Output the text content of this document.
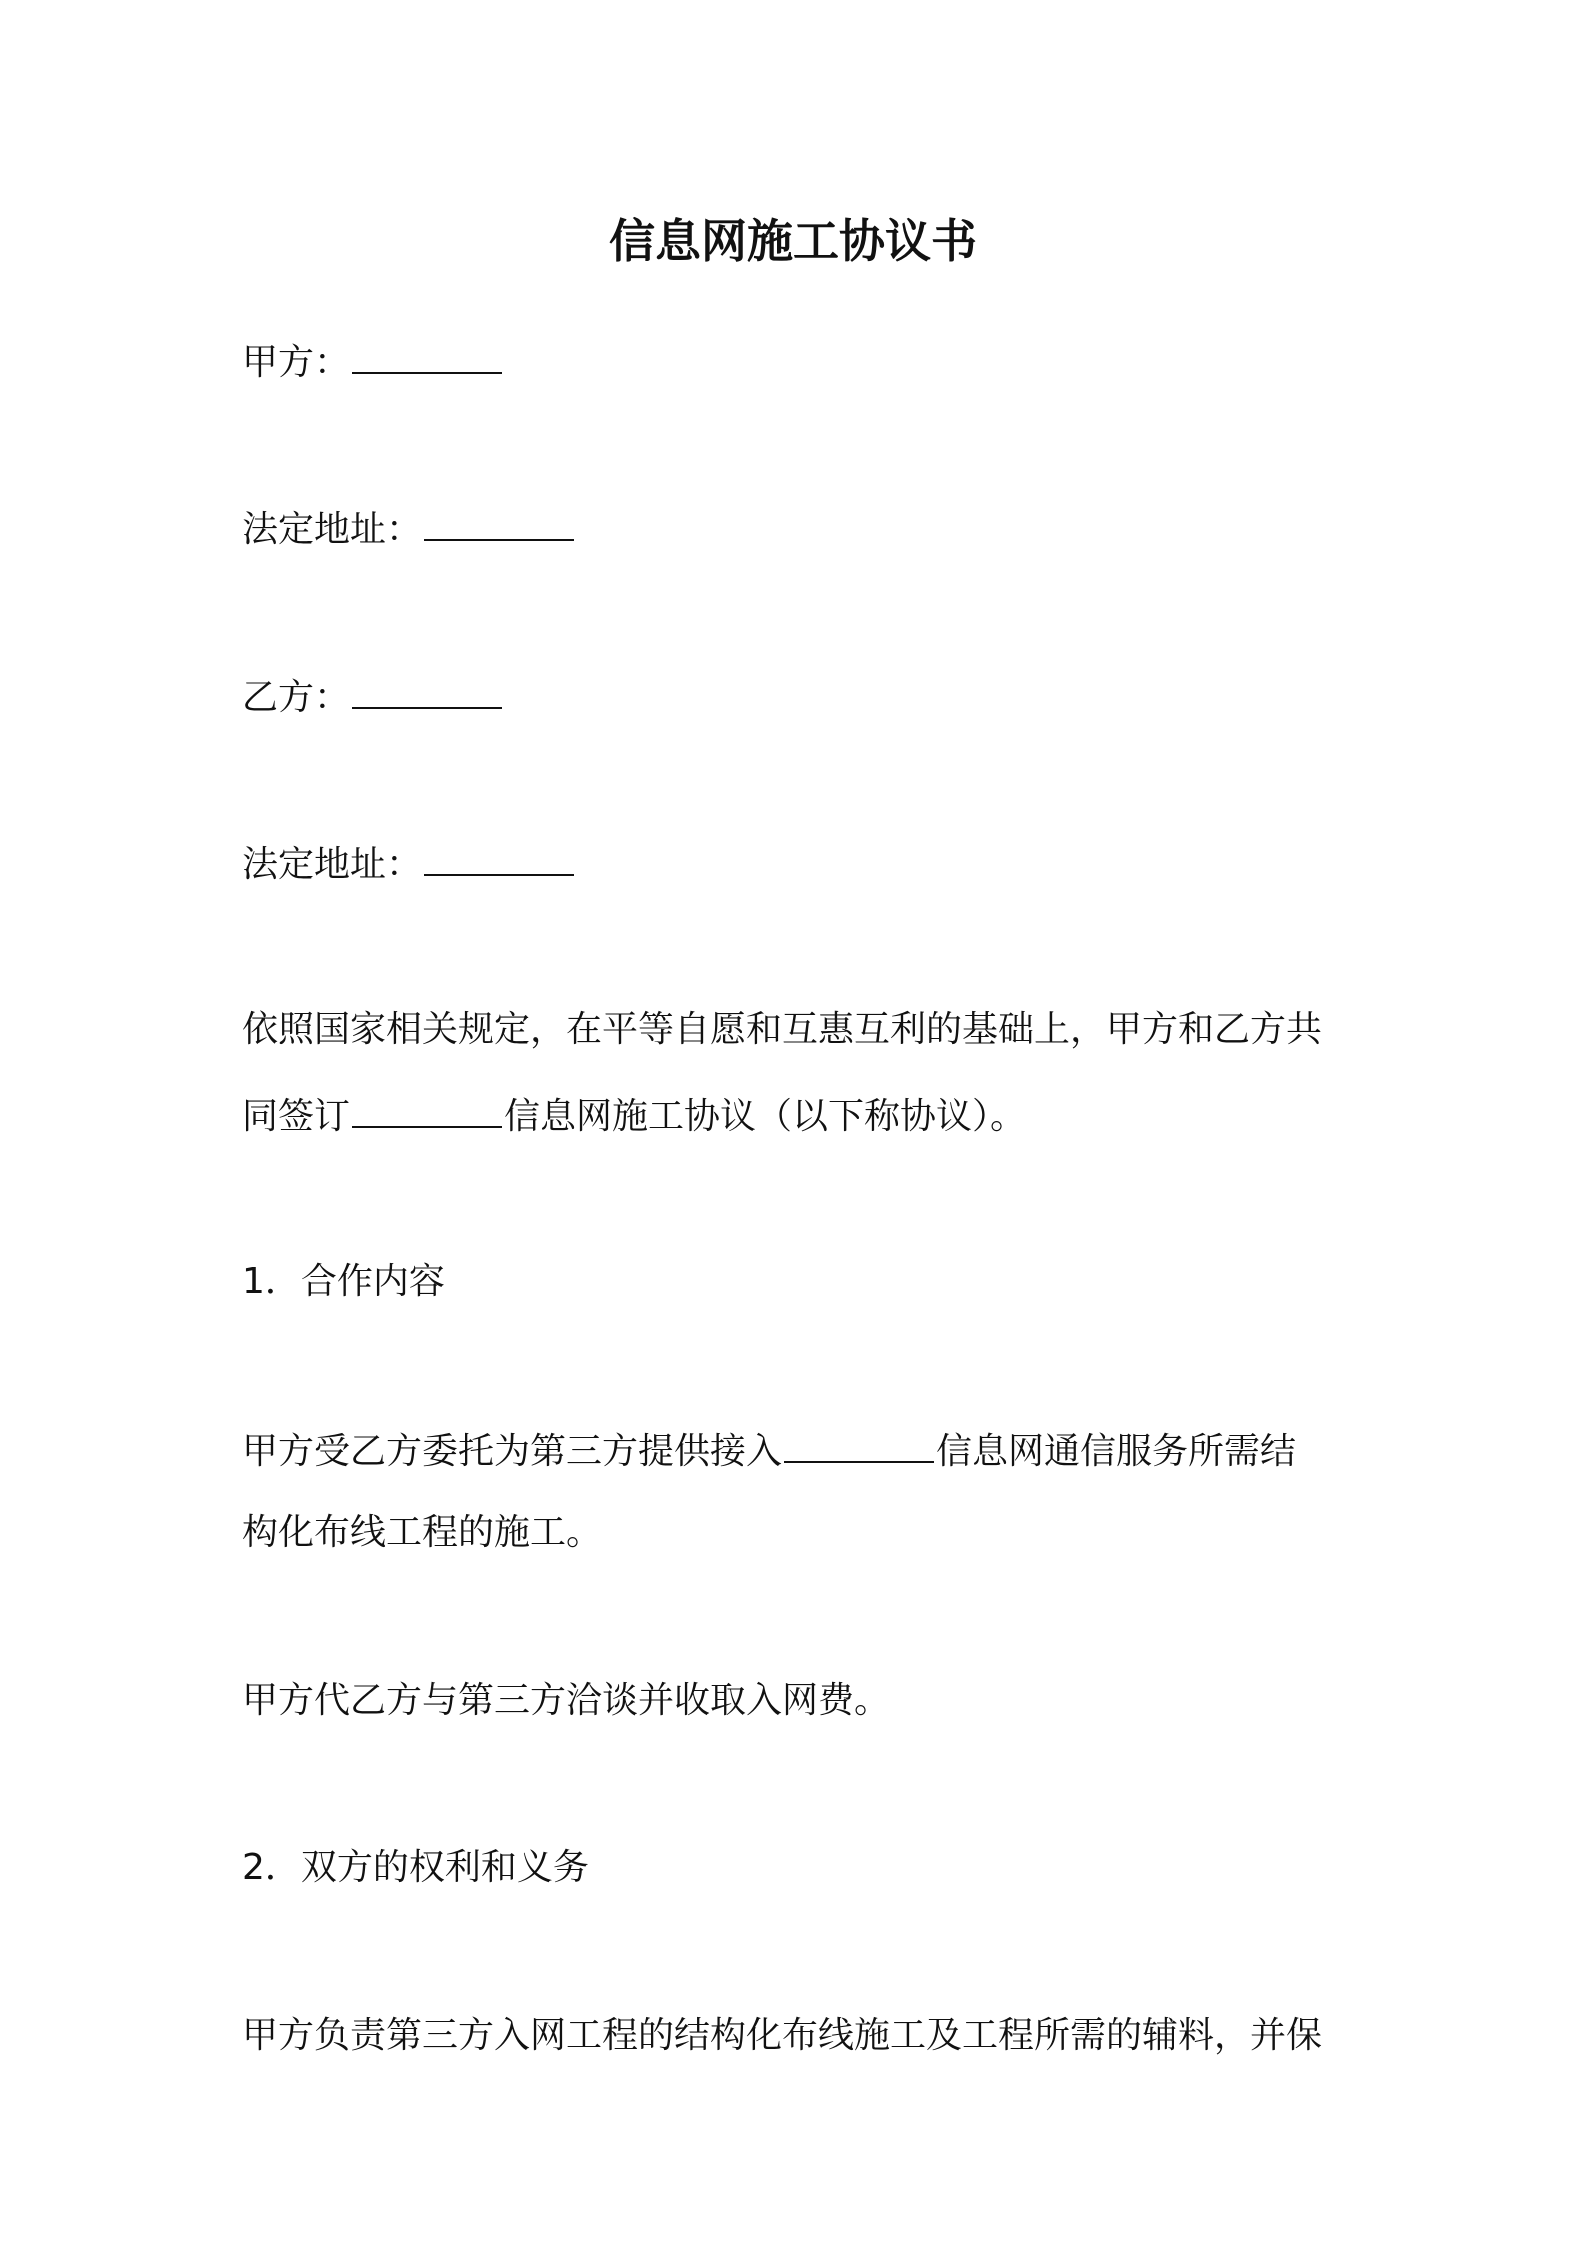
信息网施工协议书
甲方：
法定地址：
乙方：
法定地址：
依照国家相关规定，在平等自愿和互惠互利的基础上，甲方和乙方共
同签订	信息网施工协议（以下称协议）。
1．合作内容
甲方受乙方委托为第三方提供接入	信息网通信服务所需结
构化布线工程的施工。
甲方代乙方与第三方洽谈并收取入网费。
2．双方的权利和义务
甲方负责第三方入网工程的结构化布线施工及工程所需的辅料，并保
